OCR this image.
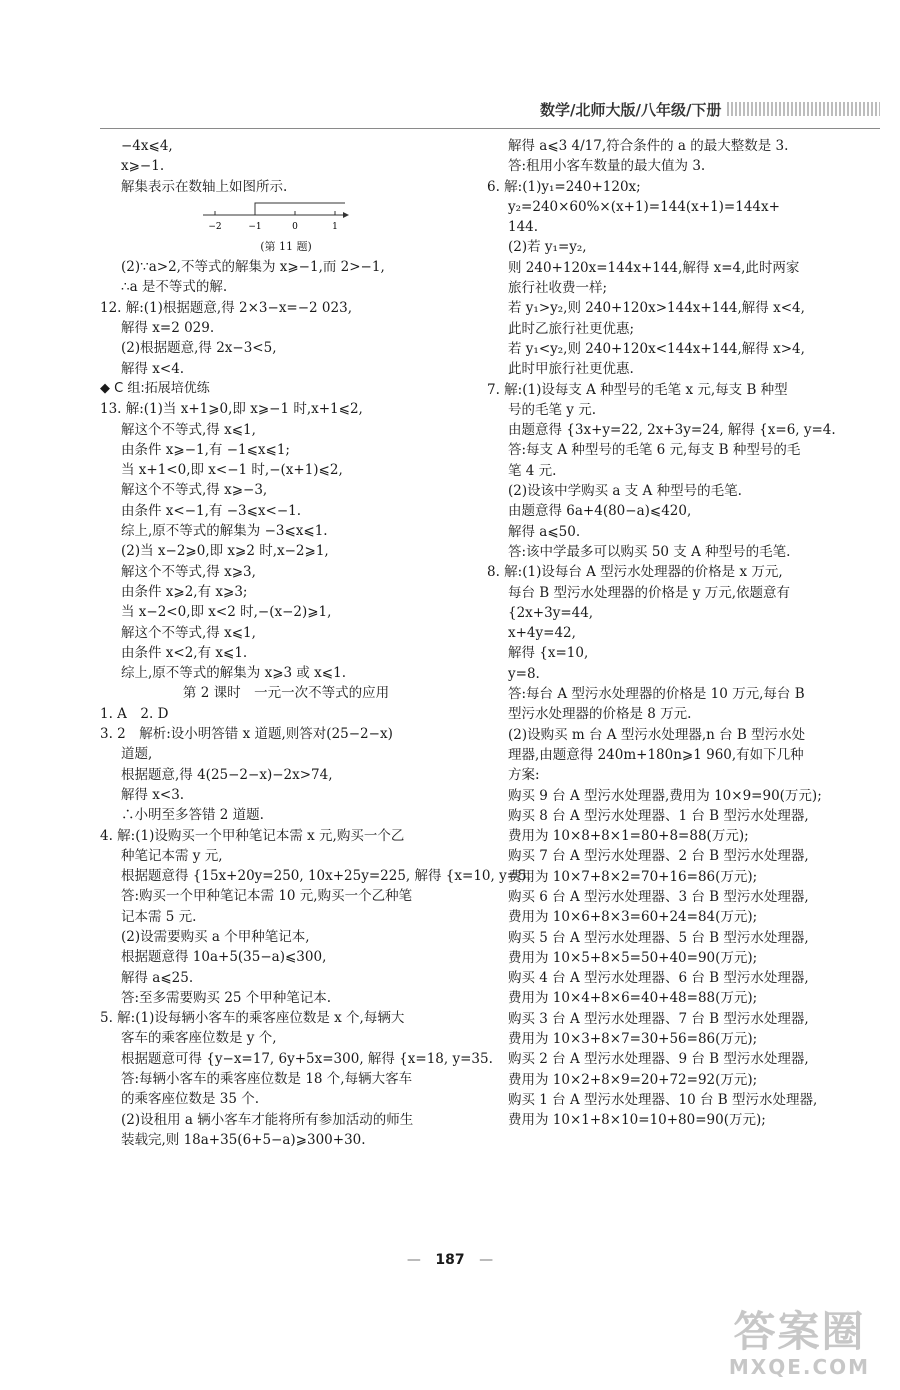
数学/北师大版/八年级/下册
−4x⩽4,
x⩾−1.
解集表示在数轴上如图所示.
−2	−1	0	1
(第 11 题)
(2)∵a>2,不等式的解集为 x⩾−1,而 2>−1,
∴a 是不等式的解.
12. 解:(1)根据题意,得 2×3−x=−2 023,
解得 x=2 029.
(2)根据题意,得 2x−3<5,
解得 x<4.
◆ C 组:拓展培优练
13. 解:(1)当 x+1⩾0,即 x⩾−1 时,x+1⩽2,
解这个不等式,得 x⩽1,
由条件 x⩾−1,有 −1⩽x⩽1;
当 x+1<0,即 x<−1 时,−(x+1)⩽2,
解这个不等式,得 x⩾−3,
由条件 x<−1,有 −3⩽x<−1.
综上,原不等式的解集为 −3⩽x⩽1.
(2)当 x−2⩾0,即 x⩾2 时,x−2⩾1,
解这个不等式,得 x⩾3,
由条件 x⩾2,有 x⩾3;
当 x−2<0,即 x<2 时,−(x−2)⩾1,
解这个不等式,得 x⩽1,
由条件 x<2,有 x⩽1.
综上,原不等式的解集为 x⩾3 或 x⩽1.
第 2 课时　一元一次不等式的应用
1. A　2. D
3. 2　解析:设小明答错 x 道题,则答对(25−2−x)
道题,
根据题意,得 4(25−2−x)−2x>74,
解得 x<3.
∴小明至多答错 2 道题.
4. 解:(1)设购买一个甲种笔记本需 x 元,购买一个乙
种笔记本需 y 元,
根据题意得 {15x+20y=250, 10x+25y=225, 解得 {x=10, y=5.
答:购买一个甲种笔记本需 10 元,购买一个乙种笔
记本需 5 元.
(2)设需要购买 a 个甲种笔记本,
根据题意得 10a+5(35−a)⩽300,
解得 a⩽25.
答:至多需要购买 25 个甲种笔记本.
5. 解:(1)设每辆小客车的乘客座位数是 x 个,每辆大
客车的乘客座位数是 y 个,
根据题意可得 {y−x=17, 6y+5x=300, 解得 {x=18, y=35.
答:每辆小客车的乘客座位数是 18 个,每辆大客车
的乘客座位数是 35 个.
(2)设租用 a 辆小客车才能将所有参加活动的师生
装载完,则 18a+35(6+5−a)⩾300+30.
解得 a⩽3 4/17,符合条件的 a 的最大整数是 3.
答:租用小客车数量的最大值为 3.
6. 解:(1)y₁=240+120x;
y₂=240×60%×(x+1)=144(x+1)=144x+
144.
(2)若 y₁=y₂,
则 240+120x=144x+144,解得 x=4,此时两家
旅行社收费一样;
若 y₁>y₂,则 240+120x>144x+144,解得 x<4,
此时乙旅行社更优惠;
若 y₁<y₂,则 240+120x<144x+144,解得 x>4,
此时甲旅行社更优惠.
7. 解:(1)设每支 A 种型号的毛笔 x 元,每支 B 种型
号的毛笔 y 元.
由题意得 {3x+y=22, 2x+3y=24, 解得 {x=6, y=4.
答:每支 A 种型号的毛笔 6 元,每支 B 种型号的毛
笔 4 元.
(2)设该中学购买 a 支 A 种型号的毛笔.
由题意得 6a+4(80−a)⩽420,
解得 a⩽50.
答:该中学最多可以购买 50 支 A 种型号的毛笔.
8. 解:(1)设每台 A 型污水处理器的价格是 x 万元,
每台 B 型污水处理器的价格是 y 万元,依题意有
{2x+3y=44,
x+4y=42,
解得 {x=10,
y=8.
答:每台 A 型污水处理器的价格是 10 万元,每台 B
型污水处理器的价格是 8 万元.
(2)设购买 m 台 A 型污水处理器,n 台 B 型污水处
理器,由题意得 240m+180n⩾1 960,有如下几种
方案:
购买 9 台 A 型污水处理器,费用为 10×9=90(万元);
购买 8 台 A 型污水处理器、1 台 B 型污水处理器,
费用为 10×8+8×1=80+8=88(万元);
购买 7 台 A 型污水处理器、2 台 B 型污水处理器,
费用为 10×7+8×2=70+16=86(万元);
购买 6 台 A 型污水处理器、3 台 B 型污水处理器,
费用为 10×6+8×3=60+24=84(万元);
购买 5 台 A 型污水处理器、5 台 B 型污水处理器,
费用为 10×5+8×5=50+40=90(万元);
购买 4 台 A 型污水处理器、6 台 B 型污水处理器,
费用为 10×4+8×6=40+48=88(万元);
购买 3 台 A 型污水处理器、7 台 B 型污水处理器,
费用为 10×3+8×7=30+56=86(万元);
购买 2 台 A 型污水处理器、9 台 B 型污水处理器,
费用为 10×2+8×9=20+72=92(万元);
购买 1 台 A 型污水处理器、10 台 B 型污水处理器,
费用为 10×1+8×10=10+80=90(万元);
— 187 —
答案圈
MXQE.COM
